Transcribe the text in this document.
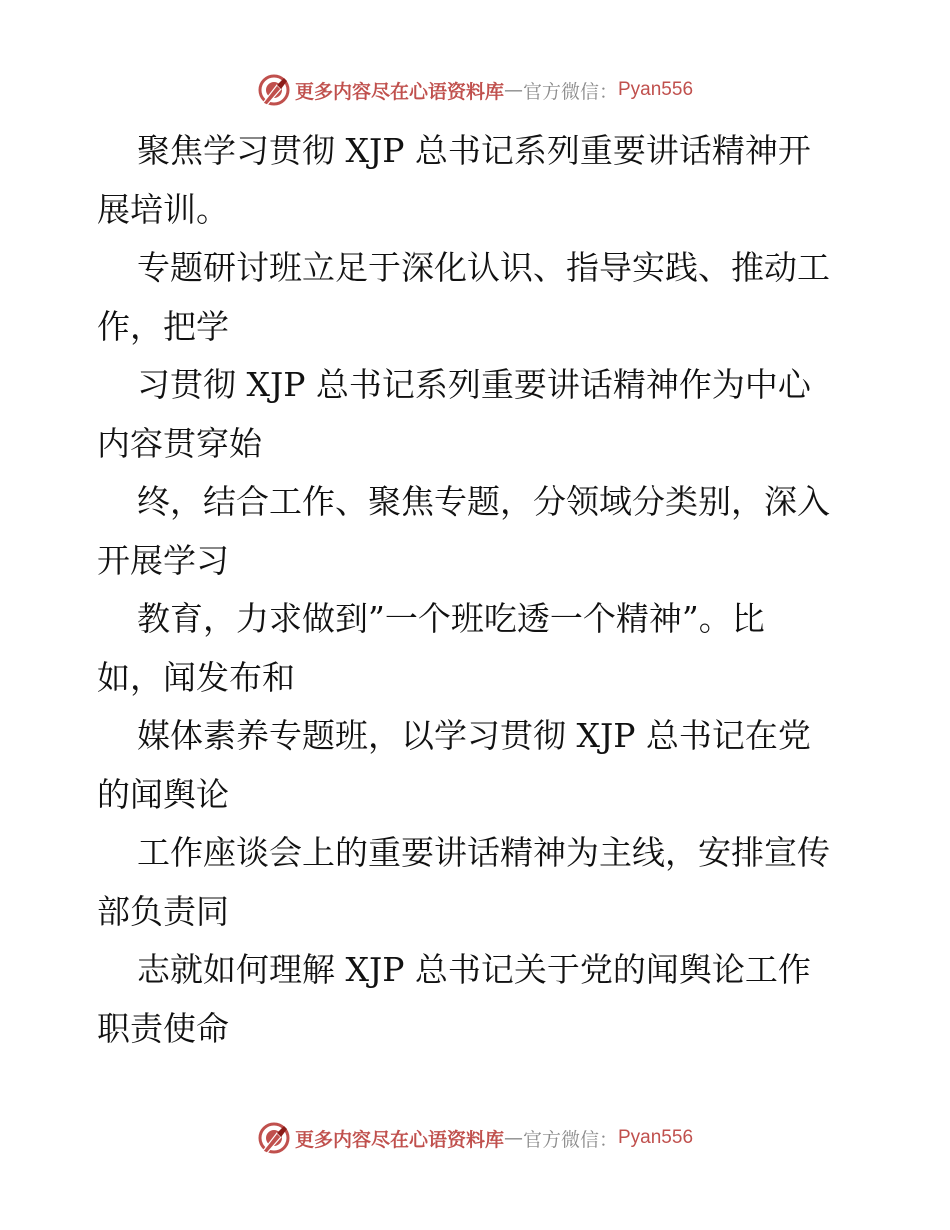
更多内容尽在心语资料库 — 官方微信： Pyan556
聚焦学习贯彻 XJP 总书记系列重要讲话精神开
展培训。
专题研讨班立足于深化认识、指导实践、推动工
作，把学
习贯彻 XJP 总书记系列重要讲话精神作为中心
内容贯穿始
终，结合工作、聚焦专题，分领域分类别，深入
开展学习
教育，力求做到”一个班吃透一个精神”。比
如，闻发布和
媒体素养专题班，以学习贯彻 XJP 总书记在党
的闻舆论
工作座谈会上的重要讲话精神为主线，安排宣传
部负责同
志就如何理解 XJP 总书记关于党的闻舆论工作
职责使命
更多内容尽在心语资料库 — 官方微信： Pyan556
